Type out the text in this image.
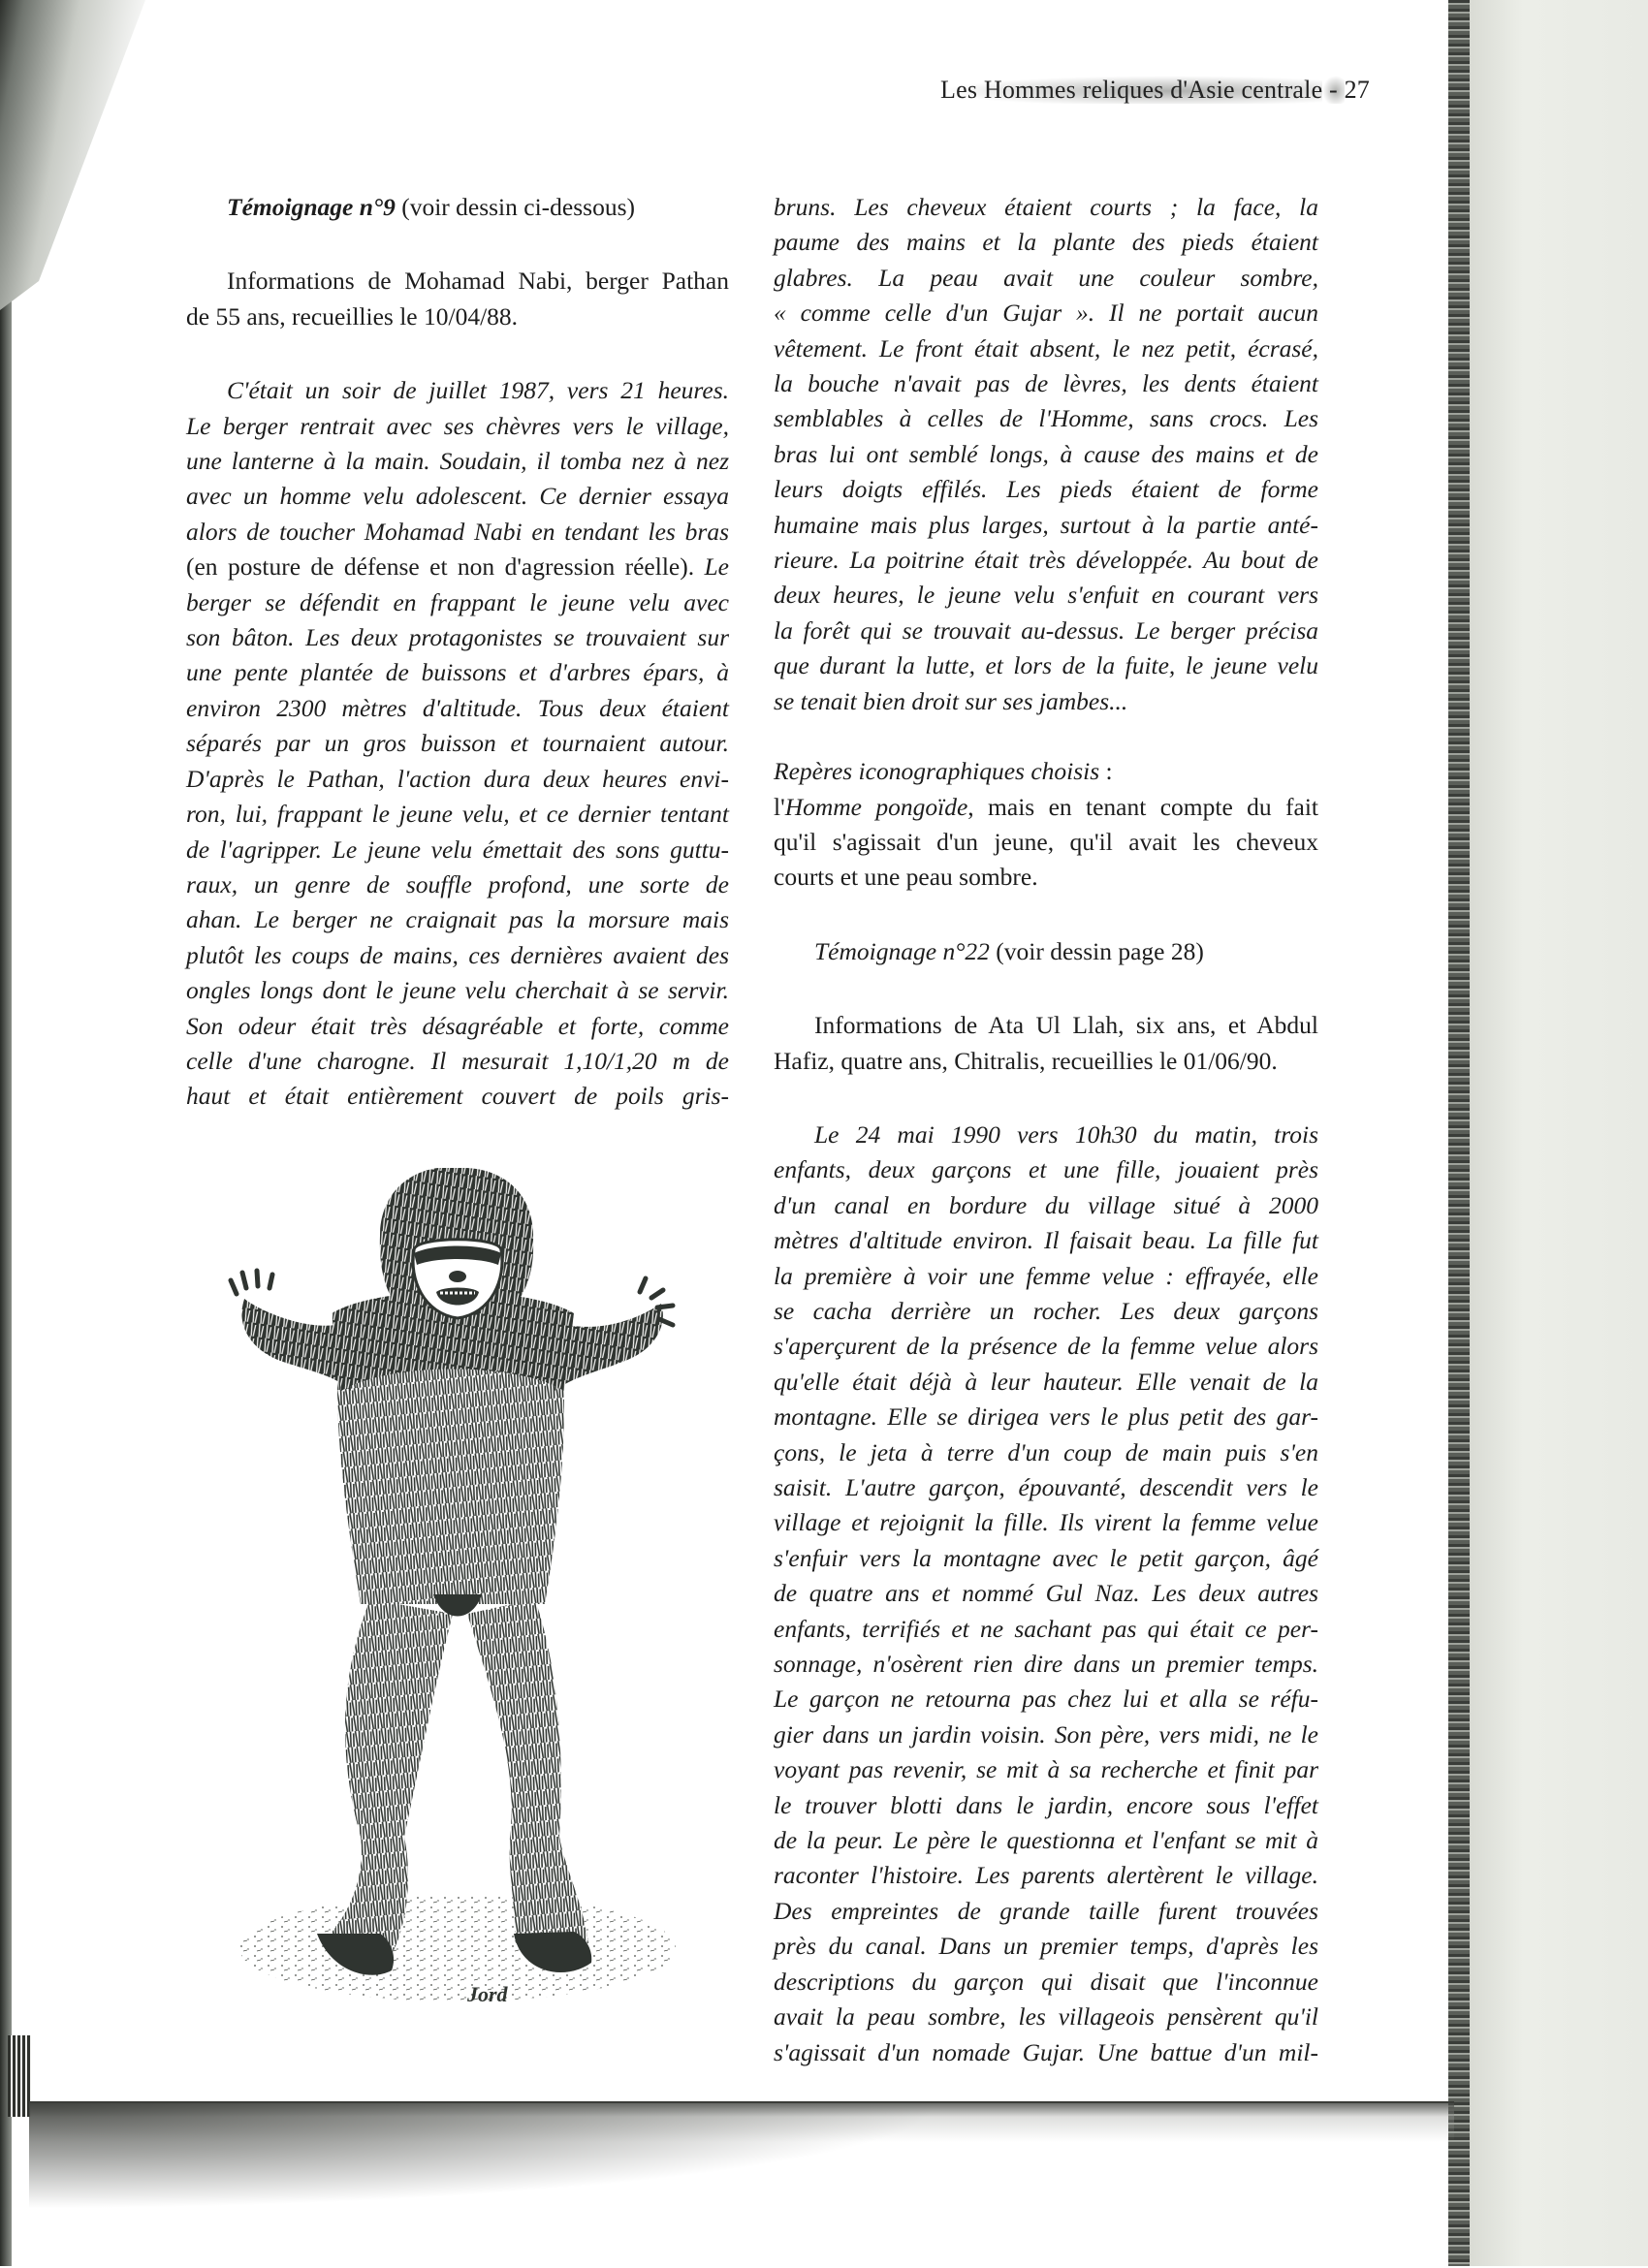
Les Hommes reliques d'Asie centrale - 27
Témoignage n°9 (voir dessin ci-dessous)
Informations de Mohamad Nabi, berger Pathan
de 55 ans, recueillies le 10/04/88.
C'était un soir de juillet 1987, vers 21 heures.
Le berger rentrait avec ses chèvres vers le village,
une lanterne à la main. Soudain, il tomba nez à nez
avec un homme velu adolescent. Ce dernier essaya
alors de toucher Mohamad Nabi en tendant les bras
(en posture de défense et non d'agression réelle). Le
berger se défendit en frappant le jeune velu avec
son bâton. Les deux protagonistes se trouvaient sur
une pente plantée de buissons et d'arbres épars, à
environ 2300 mètres d'altitude. Tous deux étaient
séparés par un gros buisson et tournaient autour.
D'après le Pathan, l'action dura deux heures envi-
ron, lui, frappant le jeune velu, et ce dernier tentant
de l'agripper. Le jeune velu émettait des sons guttu-
raux, un genre de souffle profond, une sorte de
ahan. Le berger ne craignait pas la morsure mais
plutôt les coups de mains, ces dernières avaient des
ongles longs dont le jeune velu cherchait à se servir.
Son odeur était très désagréable et forte, comme
celle d'une charogne. Il mesurait 1,10/1,20 m de
haut et était entièrement couvert de poils gris-
Jord
bruns. Les cheveux étaient courts ; la face, la
paume des mains et la plante des pieds étaient
glabres. La peau avait une couleur sombre,
« comme celle d'un Gujar ». Il ne portait aucun
vêtement. Le front était absent, le nez petit, écrasé,
la bouche n'avait pas de lèvres, les dents étaient
semblables à celles de l'Homme, sans crocs. Les
bras lui ont semblé longs, à cause des mains et de
leurs doigts effilés. Les pieds étaient de forme
humaine mais plus larges, surtout à la partie anté-
rieure. La poitrine était très développée. Au bout de
deux heures, le jeune velu s'enfuit en courant vers
la forêt qui se trouvait au-dessus. Le berger précisa
que durant la lutte, et lors de la fuite, le jeune velu
se tenait bien droit sur ses jambes...
Repères iconographiques choisis :
l'Homme pongoïde, mais en tenant compte du fait
qu'il s'agissait d'un jeune, qu'il avait les cheveux
courts et une peau sombre.
Témoignage n°22 (voir dessin page 28)
Informations de Ata Ul Llah, six ans, et Abdul
Hafiz, quatre ans, Chitralis, recueillies le 01/06/90.
Le 24 mai 1990 vers 10h30 du matin, trois
enfants, deux garçons et une fille, jouaient près
d'un canal en bordure du village situé à 2000
mètres d'altitude environ. Il faisait beau. La fille fut
la première à voir une femme velue : effrayée, elle
se cacha derrière un rocher. Les deux garçons
s'aperçurent de la présence de la femme velue alors
qu'elle était déjà à leur hauteur. Elle venait de la
montagne. Elle se dirigea vers le plus petit des gar-
çons, le jeta à terre d'un coup de main puis s'en
saisit. L'autre garçon, épouvanté, descendit vers le
village et rejoignit la fille. Ils virent la femme velue
s'enfuir vers la montagne avec le petit garçon, âgé
de quatre ans et nommé Gul Naz. Les deux autres
enfants, terrifiés et ne sachant pas qui était ce per-
sonnage, n'osèrent rien dire dans un premier temps.
Le garçon ne retourna pas chez lui et alla se réfu-
gier dans un jardin voisin. Son père, vers midi, ne le
voyant pas revenir, se mit à sa recherche et finit par
le trouver blotti dans le jardin, encore sous l'effet
de la peur. Le père le questionna et l'enfant se mit à
raconter l'histoire. Les parents alertèrent le village.
Des empreintes de grande taille furent trouvées
près du canal. Dans un premier temps, d'après les
descriptions du garçon qui disait que l'inconnue
avait la peau sombre, les villageois pensèrent qu'il
s'agissait d'un nomade Gujar. Une battue d'un mil-
